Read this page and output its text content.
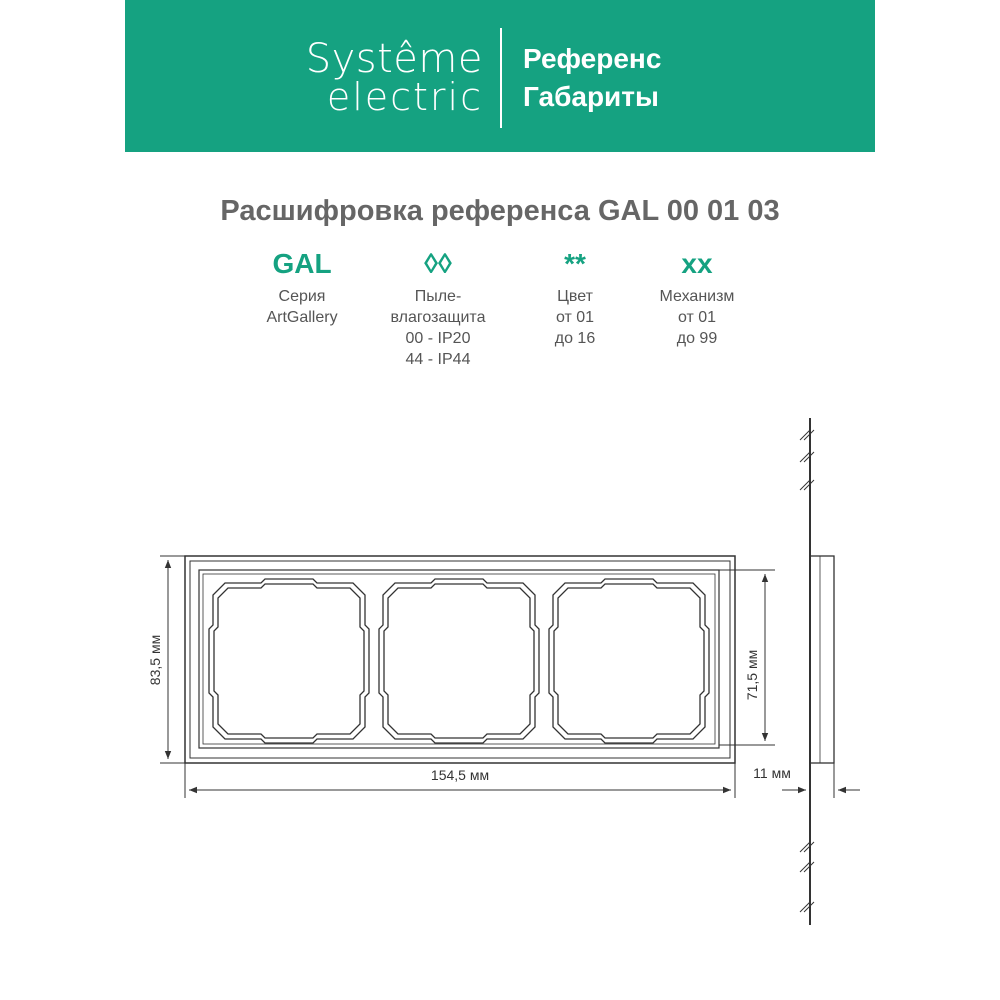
Systême
electric
Референс
Габариты
Расшифровка референса GAL 00 01 03
GAL
Серия
ArtGallery
◊◊
Пыле-
влагозащита
00 - IP20
44 - IP44
**
Цвет
от 01
до 16
xx
Механизм
от 01
до 99
83,5 мм	71,5 мм
154,5 мм	11 мм
